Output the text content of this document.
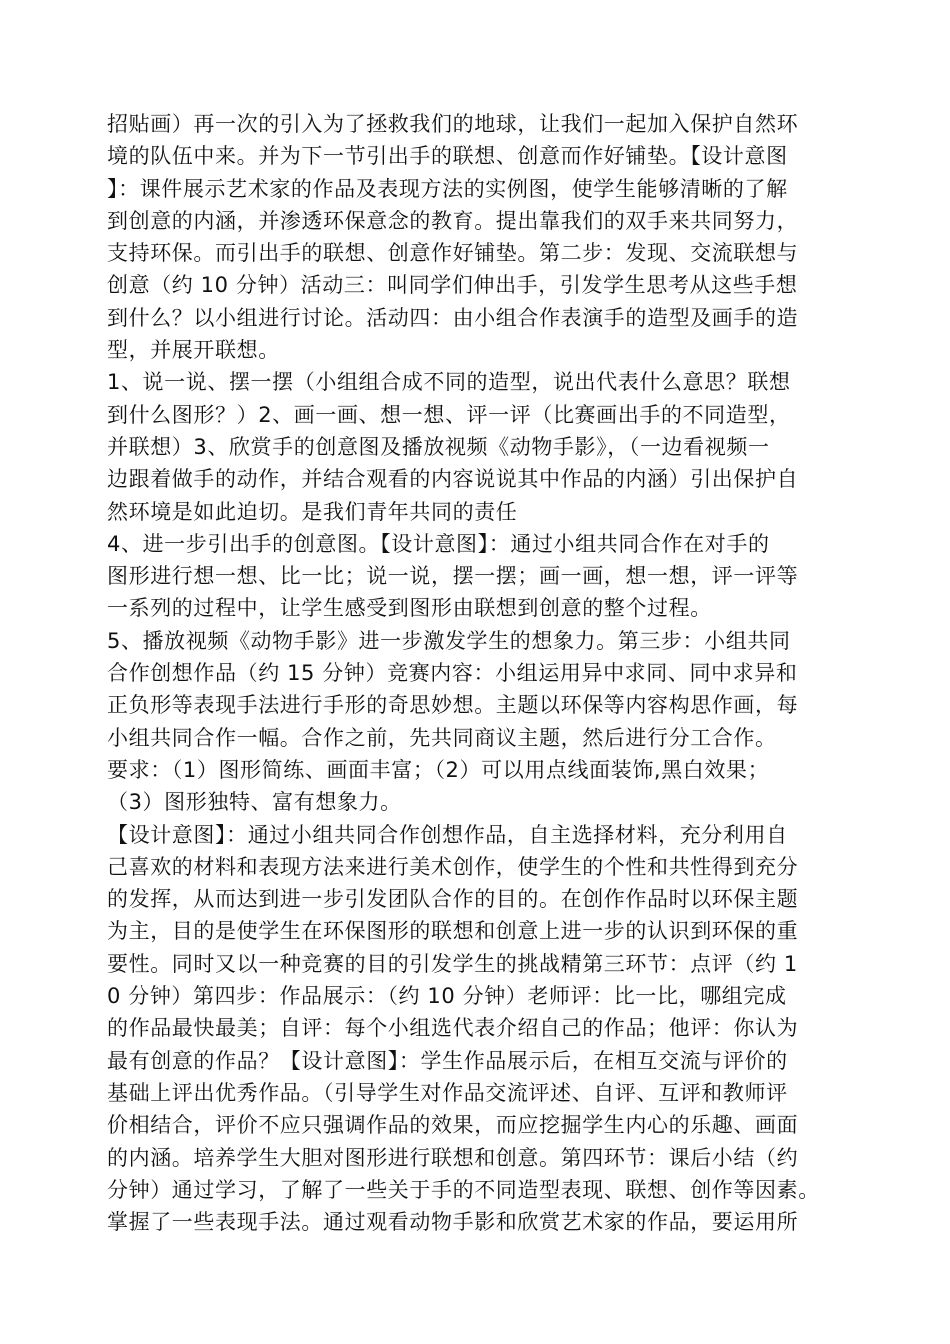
招贴画）再一次的引入为了拯救我们的地球，让我们一起加入保护自然环
境的队伍中来。并为下一节引出手的联想、创意而作好铺垫。【设计意图
】：课件展示艺术家的作品及表现方法的实例图，使学生能够清晰的了解
到创意的内涵，并渗透环保意念的教育。提出靠我们的双手来共同努力，
支持环保。而引出手的联想、创意作好铺垫。第二步：发现、交流联想与
创意（约 10 分钟）活动三：叫同学们伸出手，引发学生思考从这些手想
到什么？以小组进行讨论。活动四：由小组合作表演手的造型及画手的造
型，并展开联想。
1、说一说、摆一摆（小组组合成不同的造型，说出代表什么意思？联想
到什么图形？）2、画一画、想一想、评一评（比赛画出手的不同造型，
并联想）3、欣赏手的创意图及播放视频《动物手影》，（一边看视频一
边跟着做手的动作，并结合观看的内容说说其中作品的内涵）引出保护自
然环境是如此迫切。是我们青年共同的责任
4、进一步引出手的创意图。【设计意图】：通过小组共同合作在对手的
图形进行想一想、比一比；说一说，摆一摆；画一画，想一想，评一评等
一系列的过程中，让学生感受到图形由联想到创意的整个过程。
5、播放视频《动物手影》进一步激发学生的想象力。第三步：小组共同
合作创想作品（约 15 分钟）竞赛内容：小组运用异中求同、同中求异和
正负形等表现手法进行手形的奇思妙想。主题以环保等内容构思作画，每
小组共同合作一幅。合作之前，先共同商议主题，然后进行分工合作。
要求：（1）图形简练、画面丰富；（2）可以用点线面装饰,黑白效果；
（3）图形独特、富有想象力。
【设计意图】：通过小组共同合作创想作品，自主选择材料，充分利用自
己喜欢的材料和表现方法来进行美术创作，使学生的个性和共性得到充分
的发挥，从而达到进一步引发团队合作的目的。在创作作品时以环保主题
为主，目的是使学生在环保图形的联想和创意上进一步的认识到环保的重
要性。同时又以一种竞赛的目的引发学生的挑战精第三环节：点评（约 1
0 分钟）第四步：作品展示：（约 10 分钟）老师评：比一比，哪组完成
的作品最快最美；自评：每个小组选代表介绍自己的作品；他评：你认为
最有创意的作品？【设计意图】：学生作品展示后，在相互交流与评价的
基础上评出优秀作品。（引导学生对作品交流评述、自评、互评和教师评
价相结合，评价不应只强调作品的效果，而应挖掘学生内心的乐趣、画面
的内涵。培养学生大胆对图形进行联想和创意。第四环节：课后小结（约
分钟）通过学习，了解了一些关于手的不同造型表现、联想、创作等因素。
掌握了一些表现手法。通过观看动物手影和欣赏艺术家的作品，要运用所
